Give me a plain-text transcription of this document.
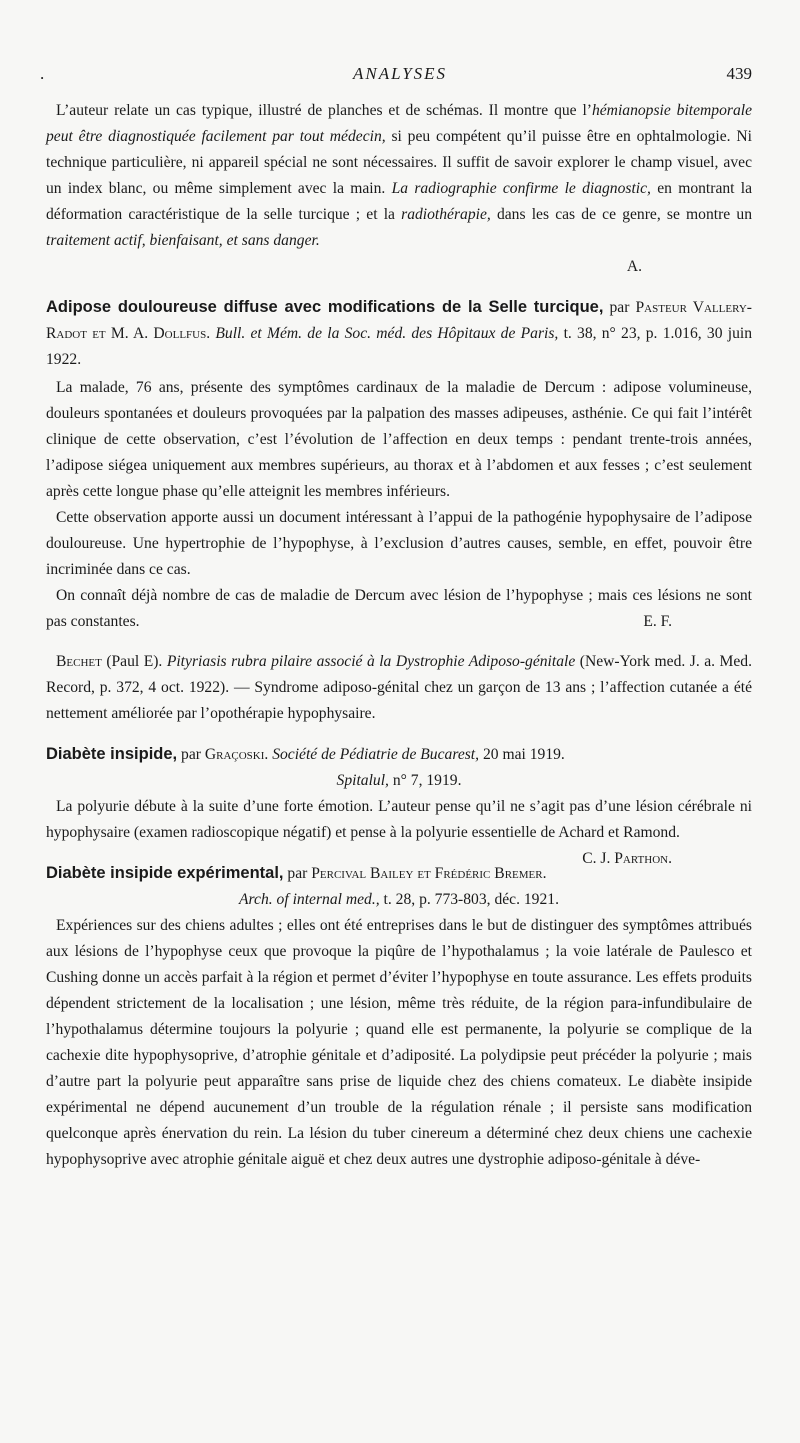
.	ANALYSES	439

L’auteur relate un cas typique, illustré de planches et de schémas. Il montre que l’hémianopsie bitemporale peut être diagnostiquée facilement par tout médecin, si peu compétent qu’il puisse être en ophtalmologie. Ni technique particulière, ni appareil spécial ne sont nécessaires. Il suffit de savoir explorer le champ visuel, avec un index blanc, ou même simplement avec la main. La radiographie confirme le diagnostic, en montrant la déformation caractéristique de la selle turcique ; et la radiothérapie, dans les cas de ce genre, se montre un traitement actif, bienfaisant, et sans danger.

A.

Adipose douloureuse diffuse avec modifications de la Selle turcique, par Pasteur Vallery-Radot et M. A. Dollfus. Bull. et Mém. de la Soc. méd. des Hôpitaux de Paris, t. 38, n° 23, p. 1.016, 30 juin 1922.

La malade, 76 ans, présente des symptômes cardinaux de la maladie de Dercum : adipose volumineuse, douleurs spontanées et douleurs provoquées par la palpation des masses adipeuses, asthénie. Ce qui fait l’intérêt clinique de cette observation, c’est l’évolution de l’affection en deux temps : pendant trente-trois années, l’adipose siégea uniquement aux membres supérieurs, au thorax et à l’abdomen et aux fesses ; c’est seulement après cette longue phase qu’elle atteignit les membres inférieurs.

Cette observation apporte aussi un document intéressant à l’appui de la pathogénie hypophysaire de l’adipose douloureuse. Une hypertrophie de l’hypophyse, à l’exclusion d’autres causes, semble, en effet, pouvoir être incriminée dans ce cas.

On connaît déjà nombre de cas de maladie de Dercum avec lésion de l’hypophyse ; mais ces lésions ne sont pas constantes.	E. F.

Bechet (Paul E). Pityriasis rubra pilaire associé à la Dystrophie Adiposo-génitale (New-York med. J. a. Med. Record, p. 372, 4 oct. 1922). — Syndrome adiposo-génital chez un garçon de 13 ans ; l’affection cutanée a été nettement améliorée par l’opothérapie hypophysaire.

Diabète insipide, par Graçoski. Société de Pédiatrie de Bucarest, 20 mai 1919.

Spitalul, n° 7, 1919.

La polyurie débute à la suite d’une forte émotion. L’auteur pense qu’il ne s’agit pas d’une lésion cérébrale ni hypophysaire (examen radioscopique négatif) et pense à la polyurie essentielle de Achard et Ramond.
C. J. Parthon.

Diabète insipide expérimental, par Percival Bailey et Frédéric Bremer.

Arch. of internal med., t. 28, p. 773-803, déc. 1921.

Expériences sur des chiens adultes ; elles ont été entreprises dans le but de distinguer des symptômes attribués aux lésions de l’hypophyse ceux que provoque la piqûre de l’hypothalamus ; la voie latérale de Paulesco et Cushing donne un accès parfait à la région et permet d’éviter l’hypophyse en toute assurance. Les effets produits dépendent strictement de la localisation ; une lésion, même très réduite, de la région para-infundibulaire de l’hypothalamus détermine toujours la polyurie ; quand elle est permanente, la polyurie se complique de la cachexie dite hypophysoprive, d’atrophie génitale et d’adiposité. La polydipsie peut précéder la polyurie ; mais d’autre part la polyurie peut apparaître sans prise de liquide chez des chiens comateux. Le diabète insipide expérimental ne dépend aucunement d’un trouble de la régulation rénale ; il persiste sans modification quelconque après énervation du rein. La lésion du tuber cinereum a déterminé chez deux chiens une cachexie hypophysoprive avec atrophie génitale aiguë et chez deux autres une dystrophie adiposo-génitale à déve-
